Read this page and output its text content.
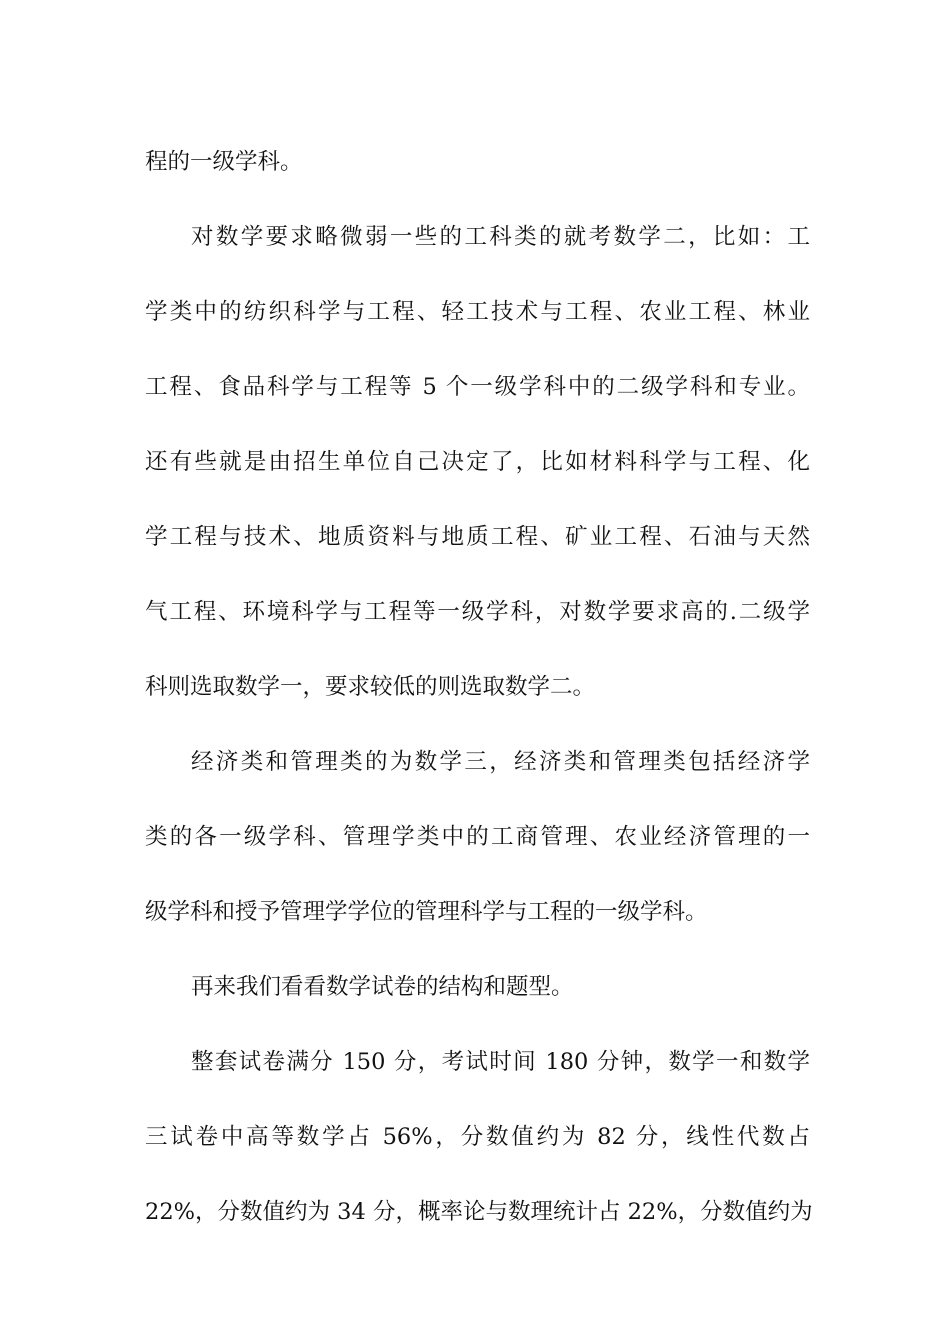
程的一级学科。
对数学要求略微弱一些的工科类的就考数学二，比如：工
学类中的纺织科学与工程、轻工技术与工程、农业工程、林业
工程、食品科学与工程等 5 个一级学科中的二级学科和专业。
还有些就是由招生单位自己决定了，比如材料科学与工程、化
学工程与技术、地质资料与地质工程、矿业工程、石油与天然
气工程、环境科学与工程等一级学科，对数学要求高的.二级学
科则选取数学一，要求较低的则选取数学二。
经济类和管理类的为数学三，经济类和管理类包括经济学
类的各一级学科、管理学类中的工商管理、农业经济管理的一
级学科和授予管理学学位的管理科学与工程的一级学科。
再来我们看看数学试卷的结构和题型。
整套试卷满分 150 分，考试时间 180 分钟，数学一和数学
三试卷中高等数学占 56%，分数值约为 82 分，线性代数占
22%，分数值约为 34 分，概率论与数理统计占 22%，分数值约为
